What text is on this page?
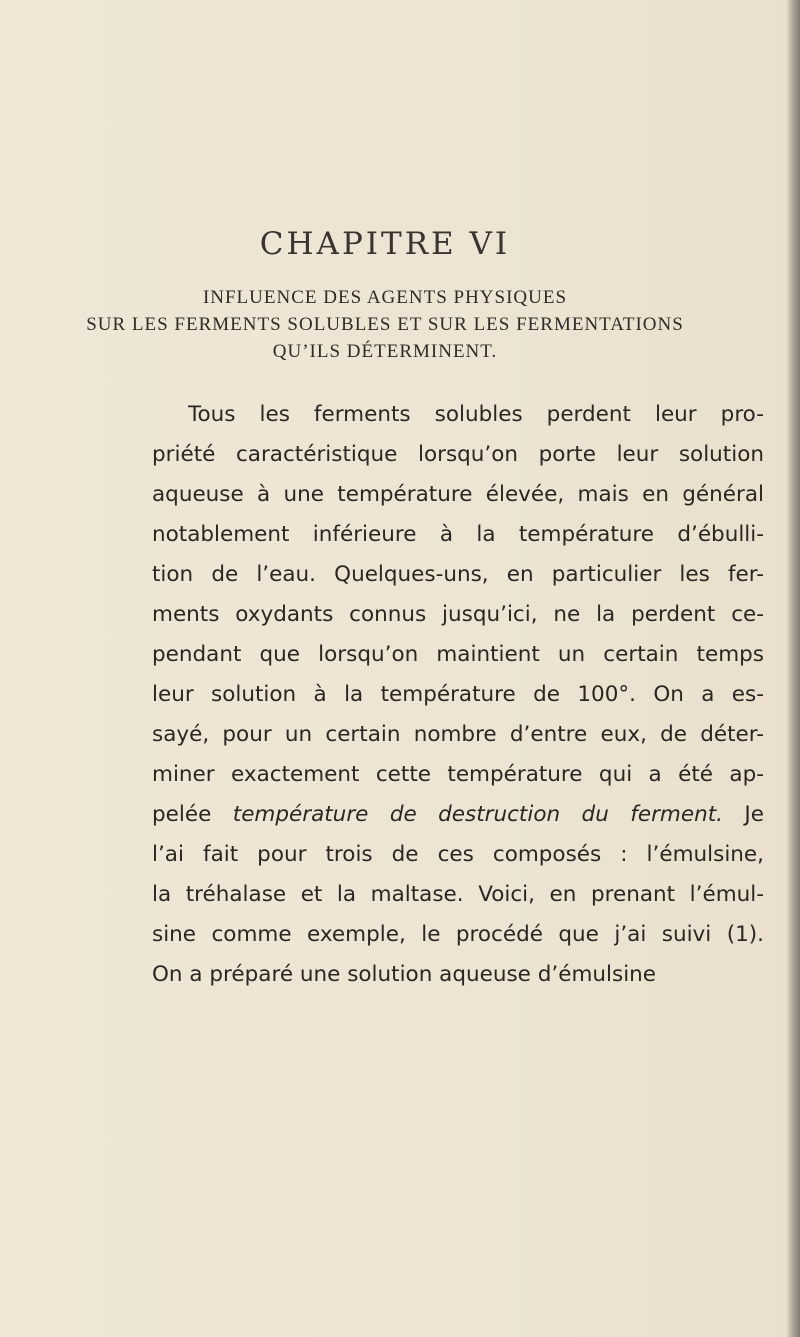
CHAPITRE VI

INFLUENCE DES AGENTS PHYSIQUES

SUR LES FERMENTS SOLUBLES ET SUR LES FERMENTATIONS

QU’ILS DÉTERMINENT.

Tous les ferments solubles perdent leur pro-
priété caractéristique lorsqu’on porte leur solution
aqueuse à une température élevée, mais en général
notablement inférieure à la température d’ébulli-
tion de l’eau. Quelques-uns, en particulier les fer-
ments oxydants connus jusqu’ici, ne la perdent ce-
pendant que lorsqu’on maintient un certain temps
leur solution à la température de 100°. On a es-
sayé, pour un certain nombre d’entre eux, de déter-
miner exactement cette température qui a été ap-
pelée température de destruction du ferment. Je
l’ai fait pour trois de ces composés : l’émulsine,
la tréhalase et la maltase. Voici, en prenant l’émul-
sine comme exemple, le procédé que j’ai suivi (1).
On a préparé une solution aqueuse d’émulsine
